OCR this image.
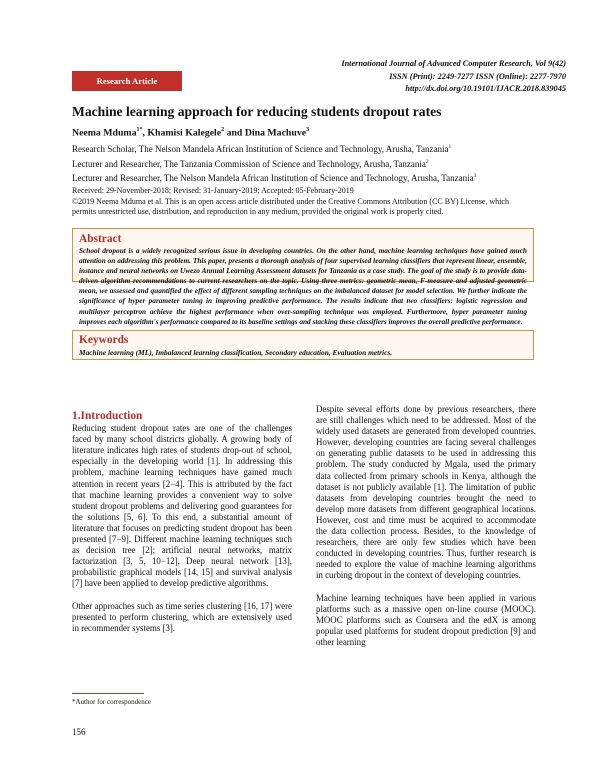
International Journal of Advanced Computer Research, Vol 9(42)
ISSN (Print): 2249-7277 ISSN (Online): 2277-7970
http://dx.doi.org/10.19101/IJACR.2018.839045
Research Article
Machine learning approach for reducing students dropout rates
Neema Mduma$^{1*}$, Khamisi Kalegele$^2$ and Dina Machuve$^3$
Research Scholar, The Nelson Mandela African Institution of Science and Technology, Arusha, Tanzania$^1$
Lecturer and Researcher, The Tanzania Commission of Science and Technology, Arusha, Tanzania$^2$
Lecturer and Researcher, The Nelson Mandela African Institution of Science and Technology, Arusha, Tanzania$^3$
Received: 29-November-2018; Revised: 31-January-2019; Accepted: 05-February-2019
©2019 Neema Mduma et al. This is an open access article distributed under the Creative Commons Attribution (CC BY) License, which permits unrestricted use, distribution, and reproduction in any medium, provided the original work is properly cited.
Abstract
School dropout is a widely recognized serious issue in developing countries. On the other hand, machine learning techniques have gained much attention on addressing this problem. This paper, presents a thorough analysis of four supervised learning classifiers that represent linear, ensemble, instance and neural networks on Uwezo Annual Learning Assessment datasets for Tanzania as a case study. The goal of the study is to provide data-driven algorithm recommendations to current researchers on the topic. Using three metrics: geometric mean, F-measure and adjusted geometric mean, we assessed and quantified the effect of different sampling techniques on the imbalanced dataset for model selection. We further indicate the significance of hyper parameter tuning in improving predictive performance. The results indicate that two classifiers: logistic regression and multilayer perceptron achieve the highest performance when over-sampling technique was employed. Furthermore, hyper parameter tuning improves each algorithm's performance compared to its baseline settings and stacking these classifiers improves the overall predictive performance.
Keywords
Machine learning (ML), Imbalanced learning classification, Secondary education, Evaluation metrics.
1.Introduction

Reducing student dropout rates are one of the challenges faced by many school districts globally. A growing body of literature indicates high rates of students drop-out of school, especially in the developing world [1]. In addressing this problem, machine learning techniques have gained much attention in recent years [2−4]. This is attributed by the fact that machine learning provides a convenient way to solve student dropout problems and delivering good guarantees for the solutions [5, 6]. To this end, a substantial amount of literature that focuses on predicting student dropout has been presented [7−9]. Different machine learning techniques such as decision tree [2]; artificial neural networks, matrix factorization [3, 5, 10−12], Deep neural network [13], probabilistic graphical models [14, 15] and survival analysis [7] have been applied to develop predictive algorithms.

Other approaches such as time series clustering [16, 17] were presented to perform clustering, which are extensively used in recommender systems [3].

Despite several efforts done by previous researchers, there are still challenges which need to be addressed. Most of the widely used datasets are generated from developed countries. However, developing countries are facing several challenges on generating public datasets to be used in addressing this problem. The study conducted by Mgala, used the primary data collected from primary schools in Kenya, although the dataset is not publicly available [1]. The limitation of public datasets from developing countries brought the need to develop more datasets from different geographical locations. However, cost and time must be acquired to accommodate the data collection process. Besides, to the knowledge of researchers, there are only few studies which have been conducted in developing countries. Thus, further research is needed to explore the value of machine learning algorithms in curbing dropout in the context of developing countries.

Machine learning techniques have been applied in various platforms such as a massive open on-line course (MOOC). MOOC platforms such as Coursera and the edX is among popular used platforms for student dropout prediction [9] and other learning

*Author for correspondence
156
